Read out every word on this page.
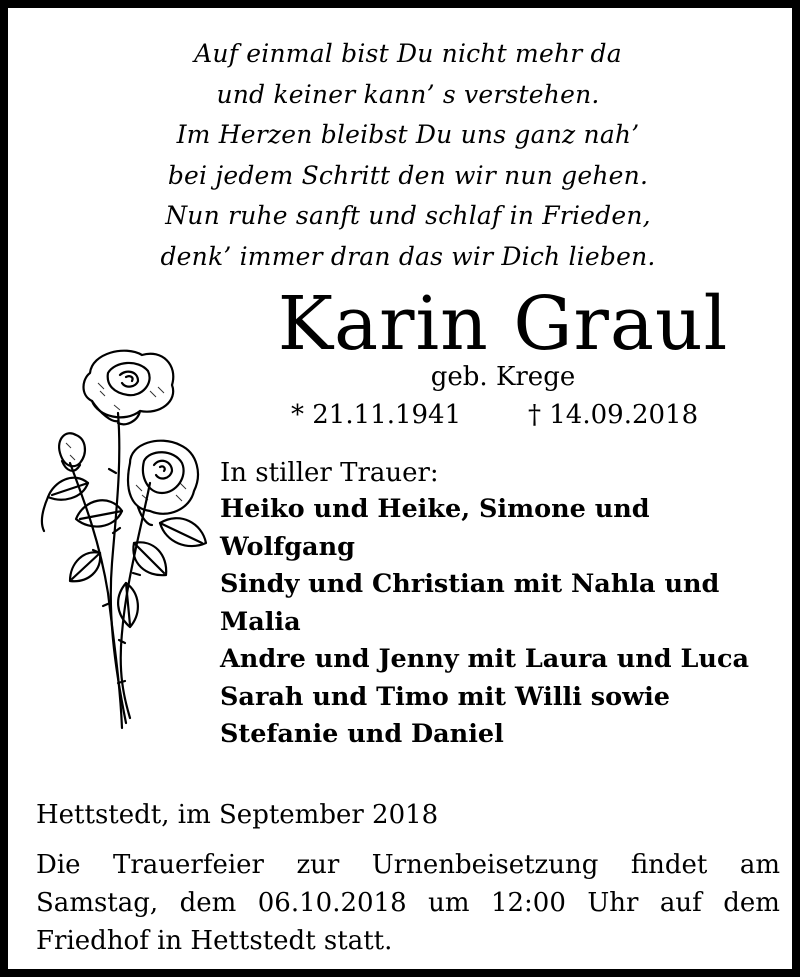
Auf einmal bist Du nicht mehr da
und keiner kann’ s verstehen.
Im Herzen bleibst Du uns ganz nah’
bei jedem Schritt den wir nun gehen.
Nun ruhe sanft und schlaf in Frieden,
denk’ immer dran das wir Dich lieben.
Karin Graul
geb. Krege
* 21.11.1941	† 14.09.2018
In stiller Trauer:
Heiko und Heike, Simone und
Wolfgang
Sindy und Christian mit Nahla und
Malia
Andre und Jenny mit Laura und Luca
Sarah und Timo mit Willi sowie
Stefanie und Daniel
Hettstedt, im September 2018
Die Trauerfeier zur Urnenbeisetzung findet am
Samstag, dem 06.10.2018 um 12:00 Uhr auf dem
Friedhof in Hettstedt statt.
